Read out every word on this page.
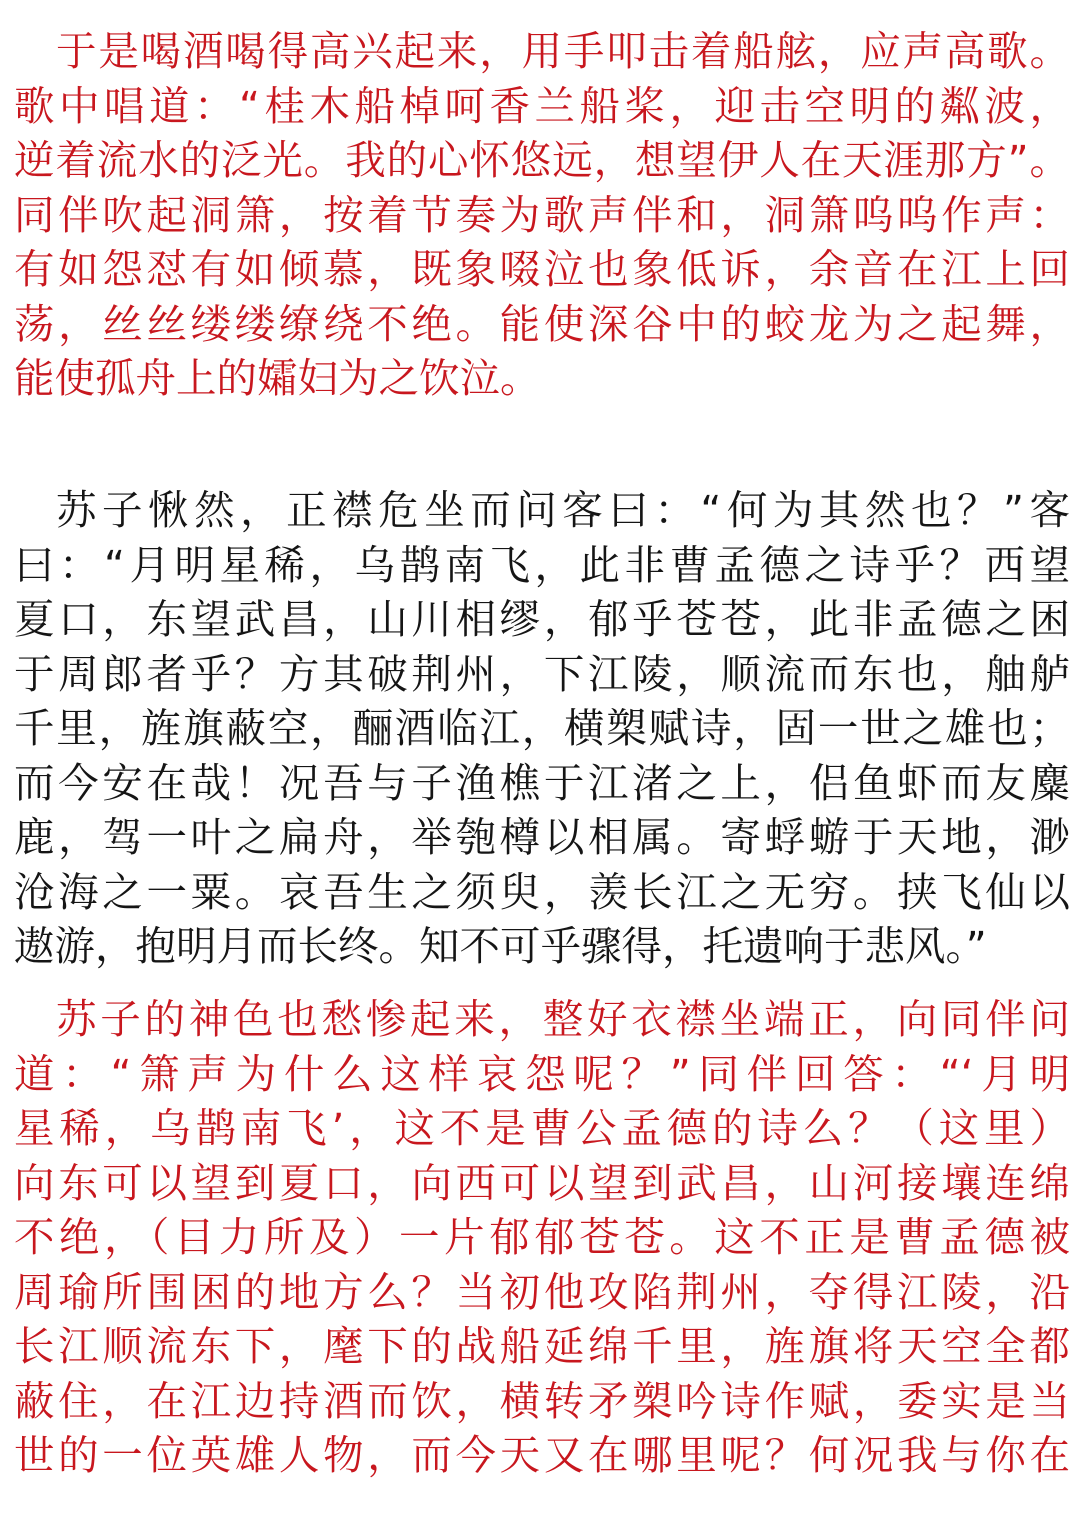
于是喝酒喝得高兴起来，用手叩击着船舷，应声高歌。
歌中唱道：“桂木船棹呵香兰船桨，迎击空明的粼波，
逆着流水的泛光。我的心怀悠远，想望伊人在天涯那方”。
同伴吹起洞箫，按着节奏为歌声伴和，洞箫呜呜作声：
有如怨怼有如倾慕，既象啜泣也象低诉，余音在江上回
荡，丝丝缕缕缭绕不绝。能使深谷中的蛟龙为之起舞，
能使孤舟上的孀妇为之饮泣。
苏子愀然，正襟危坐而问客曰：“何为其然也？”客
曰：“月明星稀，乌鹊南飞，此非曹孟德之诗乎？西望
夏口，东望武昌，山川相缪，郁乎苍苍，此非孟德之困
于周郎者乎？方其破荆州，下江陵，顺流而东也，舳舻
千里，旌旗蔽空，酾酒临江，横槊赋诗，固一世之雄也；
而今安在哉！况吾与子渔樵于江渚之上，侣鱼虾而友麋
鹿，驾一叶之扁舟，举匏樽以相属。寄蜉蝣于天地，渺
沧海之一粟。哀吾生之须臾，羡长江之无穷。挟飞仙以
遨游，抱明月而长终。知不可乎骤得，托遗响于悲风。”
苏子的神色也愁惨起来，整好衣襟坐端正，向同伴问
道：“箫声为什么这样哀怨呢？”同伴回答：“‘月明
星稀，乌鹊南飞’，这不是曹公孟德的诗么？（这里）
向东可以望到夏口，向西可以望到武昌，山河接壤连绵
不绝，（目力所及）一片郁郁苍苍。这不正是曹孟德被
周瑜所围困的地方么？当初他攻陷荆州，夺得江陵，沿
长江顺流东下，麾下的战船延绵千里，旌旗将天空全都
蔽住，在江边持酒而饮，横转矛槊吟诗作赋，委实是当
世的一位英雄人物，而今天又在哪里呢？何况我与你在
